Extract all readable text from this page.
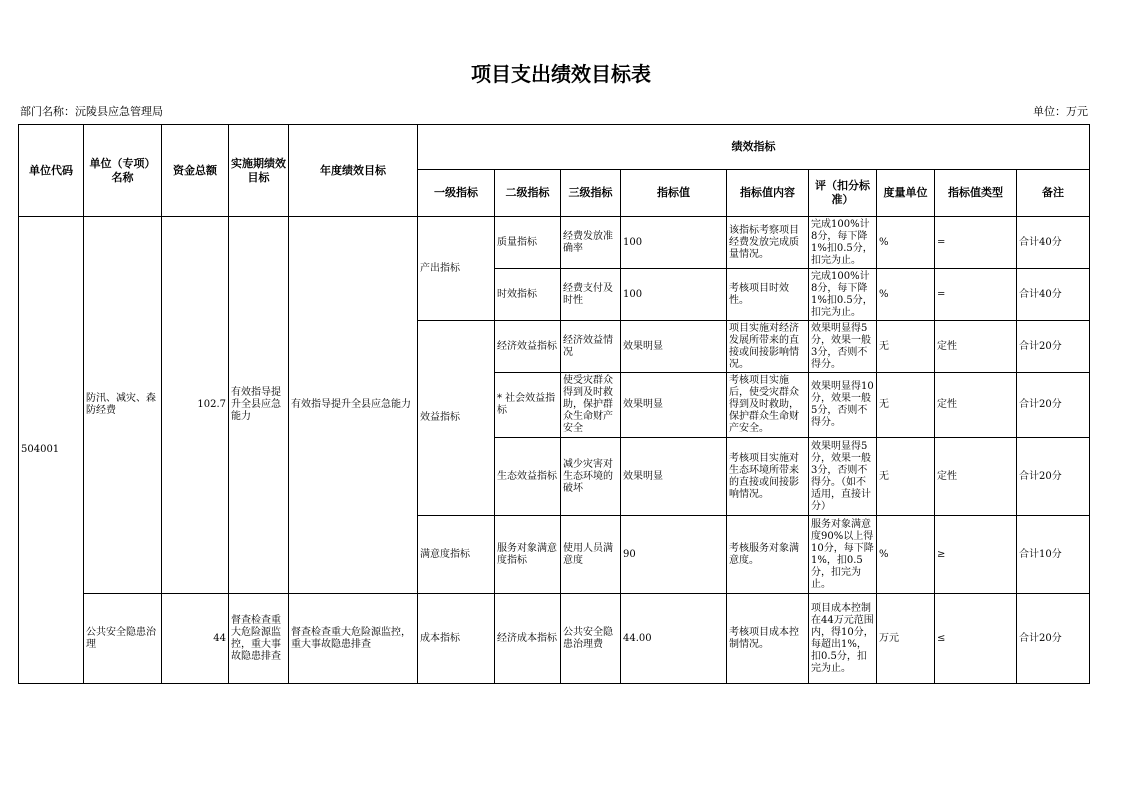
项目支出绩效目标表
部门名称：沅陵县应急管理局	单位：万元
单位代码	单位（专项）名称	资金总额	实施期绩效目标	年度绩效目标	绩效指标								
					一级指标	二级指标	三级指标	指标值	指标值内容	评（扣分标准）	度量单位	指标值类型	备注
504001	防汛、减灾、森防经费	102.7	有效指导提升全县应急能力	有效指导提升全县应急能力	产出指标	质量指标	经费发放准确率	100	该指标考察项目经费发放完成质量情况。	完成100%计8分，每下降1%扣0.5分，扣完为止。	%	=	合计40分
						时效指标	经费支付及时性	100	考核项目时效性。	完成100%计8分，每下降1%扣0.5分，扣完为止。	%	=	合计40分
					效益指标	经济效益指标	经济效益情况	效果明显	项目实施对经济发展所带来的直接或间接影响情况。	效果明显得5分，效果一般3分，否则不得分。	无	定性	合计20分
						* 社会效益指标	使受灾群众得到及时救助，保护群众生命财产安全	效果明显	考核项目实施后，使受灾群众得到及时救助，保护群众生命财产安全。	效果明显得10分，效果一般5分，否则不得分。	无	定性	合计20分
						生态效益指标	减少灾害对生态环境的破坏	效果明显	考核项目实施对生态环境所带来的直接或间接影响情况。	效果明显得5分，效果一般3分，否则不得分。（如不适用，直接计分）	无	定性	合计20分
					满意度指标	服务对象满意度指标	使用人员满意度	90	考核服务对象满意度。	服务对象满意度90%以上得10分，每下降1%，扣0.5分，扣完为止。	%	≥	合计10分
	公共安全隐患治理	44	督查检查重大危险源监控，重大事故隐患排查	督查检查重大危险源监控，重大事故隐患排查	成本指标	经济成本指标	公共安全隐患治理费	44.00	考核项目成本控制情况。	项目成本控制在44万元范围内，得10分，每超出1%，扣0.5分，扣完为止。	万元	≤	合计20分
